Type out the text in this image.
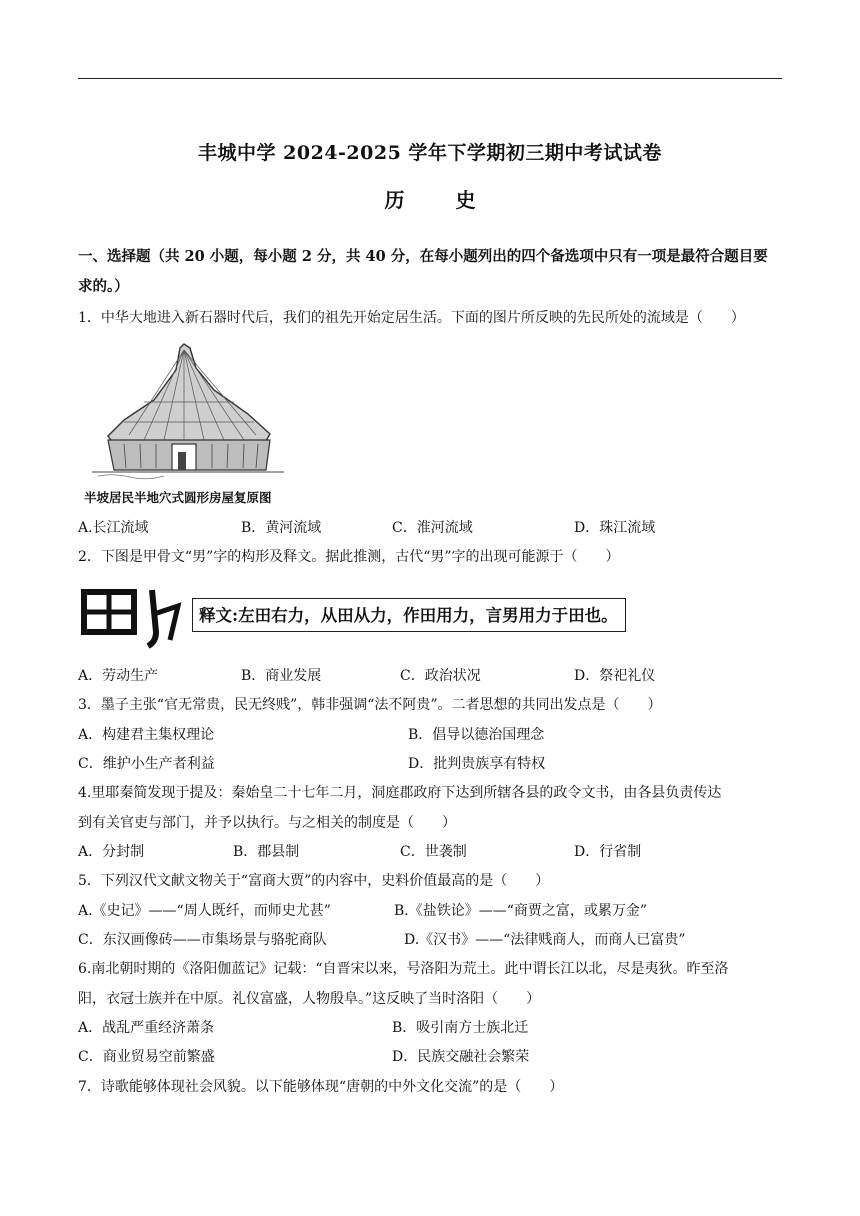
丰城中学 2024-2025 学年下学期初三期中考试试卷
历 史
一、选择题（共 20 小题，每小题 2 分，共 40 分，在每小题列出的四个备选项中只有一项是最符合题目要
求的。）
1．中华大地进入新石器时代后，我们的祖先开始定居生活。下面的图片所反映的先民所处的流域是（　　）
半坡居民半地穴式圆形房屋复原图
A.长江流域	B．黄河流域	C．淮河流域	D．珠江流域
2．下图是甲骨文“男”字的构形及释文。据此推测，古代“男”字的出现可能源于（　　）
释文:左田右力，从田从力，作田用力，言男用力于田也。
A．劳动生产	B．商业发展	C．政治状况	D．祭祀礼仪
3．墨子主张“官无常贵，民无终贱”，韩非强调“法不阿贵”。二者思想的共同出发点是（　　）
A．构建君主集权理论	B．倡导以德治国理念
C．维护小生产者利益	D．批判贵族享有特权
4.里耶秦简发现于提及：秦始皇二十七年二月，洞庭郡政府下达到所辖各县的政令文书，由各县负责传达
到有关官吏与部门，并予以执行。与之相关的制度是（　　）
A．分封制	B．郡县制	C．世袭制	D．行省制
5．下列汉代文献文物关于“富商大贾”的内容中，史料价值最高的是（　　）
A.《史记》——“周人既纤，而师史尤甚”	B.《盐铁论》——“商贾之富，或累万金”
C．东汉画像砖——市集场景与骆驼商队	D.《汉书》——“法律贱商人，而商人已富贵”
6.南北朝时期的《洛阳伽蓝记》记载：“自晋宋以来，号洛阳为荒土。此中谓长江以北，尽是夷狄。昨至洛
阳，衣冠士族并在中原。礼仪富盛，人物殷阜。”这反映了当时洛阳（　　）
A．战乱严重经济萧条	B．吸引南方士族北迁
C．商业贸易空前繁盛	D．民族交融社会繁荣
7．诗歌能够体现社会风貌。以下能够体现“唐朝的中外文化交流”的是（　　）
